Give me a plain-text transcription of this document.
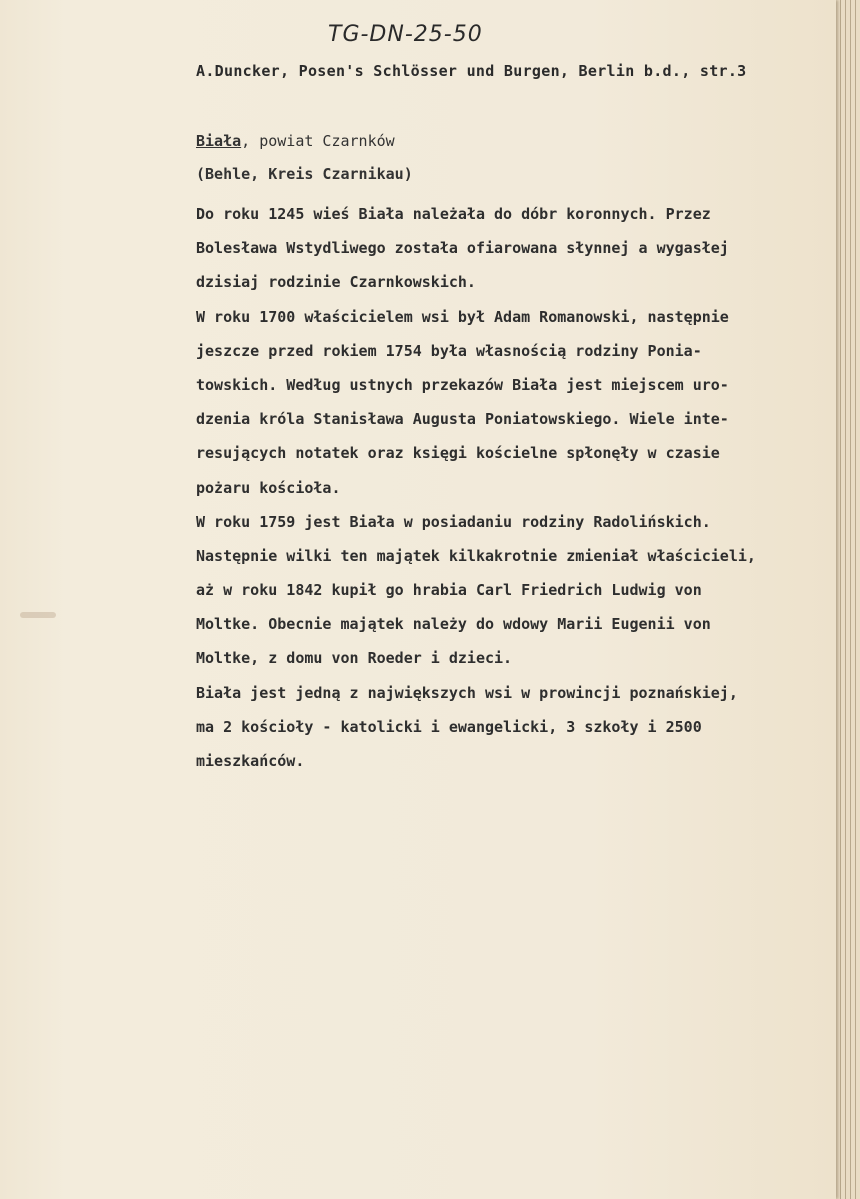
TG-DN-25-50
A.Duncker, Posen's Schlösser und Burgen, Berlin b.d., str.3
Biała, powiat Czarnków
(Behle, Kreis Czarnikau)
Do roku 1245 wieś Biała należała do dóbr koronnych. Przez
Bolesława Wstydliwego została ofiarowana słynnej a wygasłej
dzisiaj rodzinie Czarnkowskich.
W roku 1700 właścicielem wsi był Adam Romanowski, następnie
jeszcze przed rokiem 1754 była własnością rodziny Ponia-
towskich. Według ustnych przekazów Biała jest miejscem uro-
dzenia króla Stanisława Augusta Poniatowskiego. Wiele inte-
resujących notatek oraz księgi kościelne spłonęły w czasie
pożaru kościoła.
W roku 1759 jest Biała w posiadaniu rodziny Radolińskich.
Następnie wilki ten majątek kilkakrotnie zmieniał właścicieli,
aż w roku 1842 kupił go hrabia Carl Friedrich Ludwig von
Moltke. Obecnie majątek należy do wdowy Marii Eugenii von
Moltke, z domu von Roeder i dzieci.
Biała jest jedną z największych wsi w prowincji poznańskiej,
ma 2 kościoły - katolicki i ewangelicki, 3 szkoły i 2500
mieszkańców.
